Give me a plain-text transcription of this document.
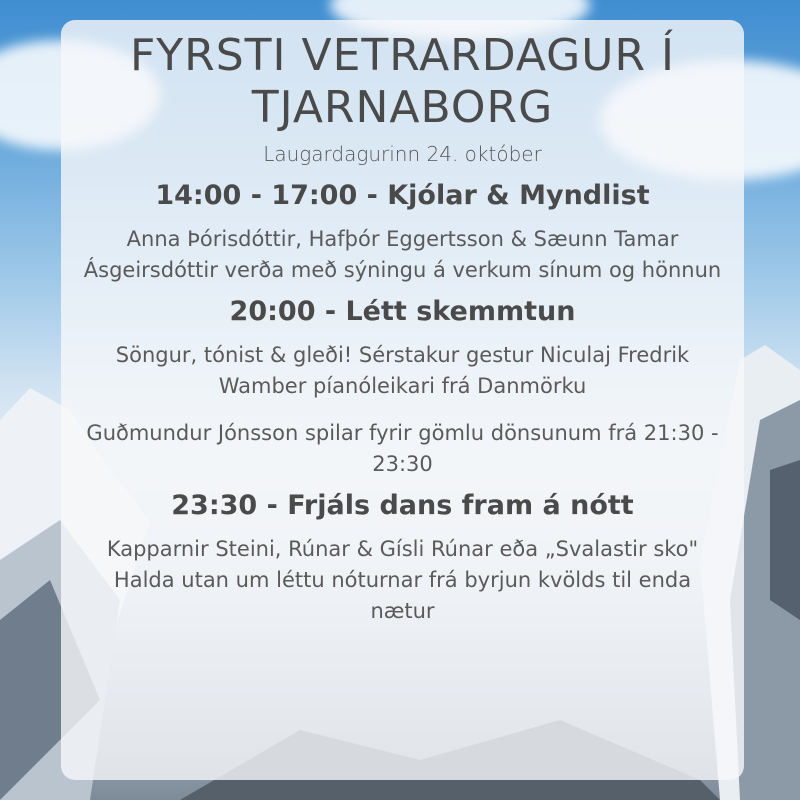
FYRSTI VETRARDAGUR Í TJARNABORG
Laugardagurinn 24. október
14:00 - 17:00 - Kjólar & Myndlist
Anna Þórisdóttir, Hafþór Eggertsson & Sæunn Tamar Ásgeirsdóttir verða með sýningu á verkum sínum og hönnun
20:00 - Létt skemmtun
Söngur, tónist & gleði! Sérstakur gestur Niculaj Fredrik Wamber píanóleikari frá Danmörku
Guðmundur Jónsson spilar fyrir gömlu dönsunum frá 21:30 - 23:30
23:30 - Frjáls dans fram á nótt
Kapparnir Steini, Rúnar & Gísli Rúnar eða „Svalastir sko" Halda utan um léttu nóturnar frá byrjun kvölds til enda nætur
